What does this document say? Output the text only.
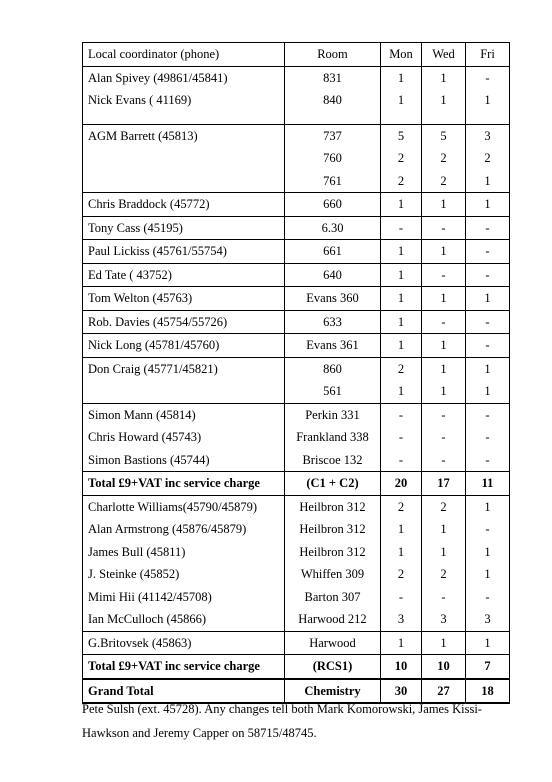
Local coordinator (phone)	Room	Mon	Wed	Fri
Alan Spivey (49861/45841)	831	1	1	-
Nick Evans ( 41169)	840	1	1	1

AGM Barrett (45813)	737	5	5	3
	760	2	2	2
	761	2	2	1
Chris Braddock (45772)	660	1	1	1
Tony Cass (45195)	6.30	-	-	-
Paul Lickiss (45761/55754)	661	1	1	-
Ed Tate ( 43752)	640	1	-	-
Tom Welton (45763)	Evans 360	1	1	1
Rob. Davies (45754/55726)	633	1	-	-
Nick Long (45781/45760)	Evans 361	1	1	-
Don Craig (45771/45821)	860	2	1	1
	561	1	1	1
Simon Mann (45814)	Perkin 331	-	-	-
Chris Howard (45743)	Frankland 338	-	-	-
Simon Bastions (45744)	Briscoe 132	-	-	-
Total £9+VAT inc service charge	(C1 + C2)	20	17	11
Charlotte Williams(45790/45879)	Heilbron 312	2	2	1
Alan Armstrong (45876/45879)	Heilbron 312	1	1	-
James Bull (45811)	Heilbron 312	1	1	1
J. Steinke (45852)	Whiffen 309	2	2	1
Mimi Hii (41142/45708)	Barton 307	-	-	-
Ian McCulloch (45866)	Harwood 212	3	3	3
G.Britovsek (45863)	Harwood	1	1	1
Total £9+VAT inc service charge	(RCS1)	10	10	7
Grand Total	Chemistry	30	27	18
Pete Sulsh (ext. 45728). Any changes tell both Mark Komorowski, James Kissi-Hawkson and Jeremy Capper on 58715/48745.
